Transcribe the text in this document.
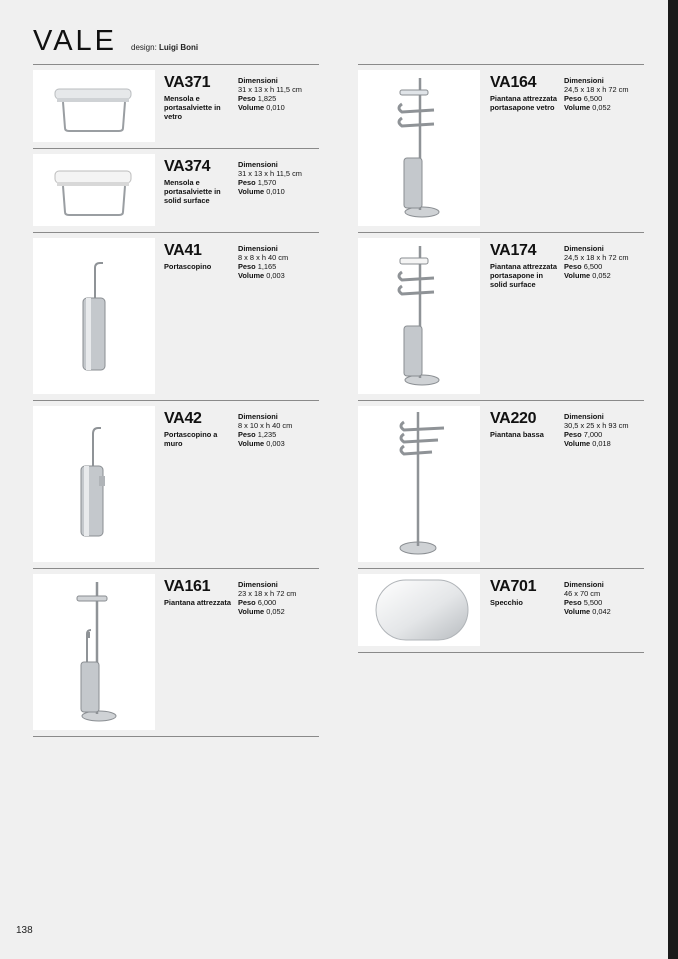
VALE design: Luigi Boni
VA371
Mensola e portasalviette in vetro
Dimensioni
31 x 13 x h 11,5 cm
Peso 1,825
Volume 0,010
VA374
Mensola e portasalviette in solid surface
Dimensioni
31 x 13 x h 11,5 cm
Peso 1,570
Volume 0,010
VA41
Portascopino
Dimensioni
8 x 8 x h 40 cm
Peso 1,165
Volume 0,003
VA42
Portascopino a muro
Dimensioni
8 x 10 x h 40 cm
Peso 1,235
Volume 0,003
VA161
Piantana attrezzata
Dimensioni
23 x 18 x h 72 cm
Peso 6,000
Volume 0,052
VA164
Piantana attrezzata portasapone vetro
Dimensioni
24,5 x 18 x h 72 cm
Peso 6,500
Volume 0,052
VA174
Piantana attrezzata portasapone in solid surface
Dimensioni
24,5 x 18 x h 72 cm
Peso 6,500
Volume 0,052
VA220
Piantana bassa
Dimensioni
30,5 x 25 x h 93 cm
Peso 7,000
Volume 0,018
VA701
Specchio
Dimensioni
46 x 70 cm
Peso 5,500
Volume 0,042
138
